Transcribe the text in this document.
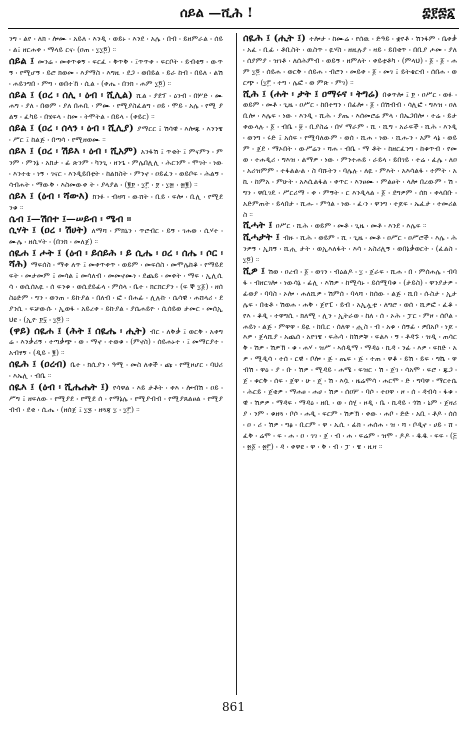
ሰይል —ሺሕ !	፰፻፷፩

ንግ ፡ ልየ ፡ ለክ ፡ ሎሙ ፡ አይለ ፡ እንዲ ፡ ወይኑ ፡ እንደ ፡ አሌ ፡ በብ ፡ ይዘምራል ፡ ሰይ ፡ ል፤ ዘርሐቀ ፡ ማላይ ርና፡ (ዐጠ ፡ ፲፲፬) ።

ሰይል ፤ መንሬ ፡ መቀጥቁኝ ፡ ፍርፈ ፡ ቅጥቅ ፡ ፤ጥጥቀ ፡ ፍርቦት ፡ ይብቂኝ ፡ ውጥኝ ፡ የሚሆኝ ፡ ይሮ ክወመ ፡ እያማስ ፡ እግዚ ፡ ደጋ ፡ ወበይል ፡ ይራ ከብ ፡ በይለ ፡ ልሽ ፡ ሐይንግበ ፡ ምግ ፡ ወበተኸ ፡ ሲል ፡ (ቀሔ ፡ በንክ ፡ ሐም ፲፬) ።

ሰይል ፤ (ዐረ ፡ ሰሊ ፡ ዕብ ፡ ሺሊል) ሺል ፡ ያደፕ ፡ ዕንብ ፡ በሦድ ፡ ሙሐግ ፡ ያለ ፡ በወም ፡ ያለ በሐቢ ፡ ምሙ ፡ የሚያስፈልግ ፡ ዐይ ፡ ሞይ ፡ አሌ ፡ የሚ ያልኝ ፡ ፈካይ ፡ በሄፍላ ፡ ከመ ፡ ትሞትል ፡ በይላ ፡ (ቀይር) ።

ሰይል ፤ (ዐረ ፡ ሰላን ፡ ዕብ ፡ ሺሊያ) ያማርር ፤ ሽሳዊ ፡ እሎጁ ፡ እንንዌ ፡ ሥር ፤ ከልጅ ፡ በጣሳ ፡ የሚዘወሙ ።

ሰይእ ፤ (ዐረ ፡ ሽይእ ፡ ዕብ ፡ ሺአም) አንፋሽ ፤ ጥቂት ፤ ምናምን ፡ ምንም ፡ ምንኔ ፡ አክታ ፡ ፊ ጵንም ፡ ካንጊ ፡ ዘንጌ ፡ ምሌበሊሊ ፡ ሕርንም ፡ ሞገት ፡ ነው ፡ እንተቴ ፡ ነኝ ፡ ገናር ፡ እንዲይበቲት ፡ ከልክስት ፡ ምንኖ ፡ ዐይፈን ፡ ወይቦፍ ፡ ሕልኝ ፡ ሳብሐት ፡ ማውቅ ፡ እስመውቀ ት ፡ ያላያል ፡ (፪፻ ፡ ፲፫ ፡ ፻ ፡ ፲፳ ፡ ፳፪) ።

ሰይእ ፤ (ዕብ ፡ ሻውእ) ክንፉ ፡ ብዛሻ ፡ ውሸት ፡ ቢይ ፡ ፍሎ ፡ ቢሊ ፡ የሚደንቁ ።

ሴብ ፤—ሽበተ ፤—ሠይብ ፡ ሜብ ።

ሲሃት ፤ (ዐረ ፡ ሽሀት) ለማሻ ፡ ምክኒን ፡ ጥሮብር ፡ ይኝ ፡ ገሐወ ፡ ሲሃተ ፡ ሙሌ ፡ ዘሲሃት ፡ (በንክ ፡ መለጀ) ።

ሰዪሐ ፤ ሖት ፤ (ዕብ ፡ ይሰይሕ ፡ ይ ሲሔ ፡ ዐረ ፡ ሰሔ ፡ ሶር ፡ ሻሕ) ማፍሰስ ፡ ማቀ ለጥ ፤ መቀጥቀጥ ፡ ወይም ፡ መፍሰስ ፡ መሞሌከቆ ፡ የማይደ ፍት ፡ መታመም ፤ መሳል ፤ መሳለብ ፡ መመኖሙነ ፡ ደጨይ ፡ መቀት ፡ ማፍ ፡ ኢሊሲሳ ፡ ወሲሰአዪ ፡ ሰ ፍንቁ ፡ ወሲደይፊላ ፡ ምሰላ ፡ ቤተ ፡ ክርክርያን ፡ (ፍ ኞ ፲፩) ፡ ዘሰስዕድም ፡ ግን ፡ ወንጠ ፡ ይኩያል ፡ በለብ ፡ ፎ ፡ በሐፊ ፡ ሊሉኩ ፡ ሴሳዊ ፡ ሐሸላሪ ፡ ደያንሲ ፡ ፍቻውሱ ፡ ኢወፋ ፡ አይረቀ ፡ ይኩያል ፡ ያሴሐይዮ ፡ ሲሰይወ ታመር ፡ መሰኢህዩ ፡ (ኢዮ ፻፶ ፡ ፲፬) ።

(ዋይ) ሰዪሐ ፤ (ሕት ፤ ሰዪሔ ፡ ሒት) ብር ፡ ለቅቃ ፤ ወርቅ ፡ አቀግሬ ፡ እንቃሪኝ ፡ ተጣቃጭ ፡ ወ ፡ ማኖ ፡ ተወቁ ፡ (ምኖስ) ፡ ሰይሐኑተ ፡ ፤ መማርያተ ፡ አብፃኝ ፡ (ዲይ ፡ ፪) ።

ሰዪሕ ፤ (ዐረብ) ቤተ ፡ ክሲያን ፡ ዓሚ ፡ መስ ለቀች ፡ ጩ ፡ የሚዞሆር ፡ ባህሪ ፡ እኤሊ ፡ ብቤ ።

ሰዪእ ፤ (ዕብ ፡ ሺሔሔት ፤) የሳዋል ፡ እይ ታቶት ፡ ቀእ ፡ ሎብሽ ፡ ዐይ ፡ ሥግ ፤ ዘፍለው ፡ የሚያደ ፡ የሚደ ሰ ፡ የማኔሌ ፡ የሚያብብ ፡ የሚያጸልፀል ፡ የሚያብብ ፡ ደቂ ፡ ሲሔ ፡ (ዘሰጀ ፤ ፲፯ ፡ ዘጓጃ ፲ ፡ ፲፫) ።

ሰዪሕ ፤ (ሒት ፤) ተሎታ ፡ ከሙሬ ፡ የሰዉ ፡ ድዓይ ፡ ቋየቶ ፡ ሽንፋም ፡ ቤቀቃ ፡ አፈ ፡ ቢፊ ፡ ቶቢስት ፡ ዉስጥ ፡ ዪሃስ ፡ ዘዚሉያ ፡ ዛይ ፡ ይበቂጥ ፡ በቢያ ሖመ ፡ ያለ ፡ ሰያምያ ፡ ዝገቶ ፡ ለሰሕምብ ፡ ወይኝ ፡ ዘምለት ፡ ቀይቲቶካ ፡ (ምላህ) ፡ ፩ ፡ ፩ ፡ ሐም ፲፬ ፡ ሰይሐ ፡ ወርቅ ፡ ሰይሐ ፡ ብሮን ፡ መይቀ ፡ ፩ ፡ መገ ፤ ይትቄርብ ፡ ሰበሐ ፡ ወርጭ ፡ (፲፫ ፡ ተግ ፡ ሌፎ ፡ ወ ምጽ ፡ ምገ) ።

ሺሕ ፤ (ሐት ፡ ታት ፤ ዐማሩና ፡ ትግሬ) በቁጥሎ ፤ ፻ ፡ ዐሥር ፡ ወፉ ፡ ወይም ፡ መቶ ፡ ጊዜ ፡ ዐሥር ፡ ከበተግን ፡ በፊሎ ፡ ፩ ፡ በሽብብ ፡ ሳሊፎ ፡ ግእዝ ፡ ዐለ ቢሎ ፡ እሌፍ ፡ ነው ፡ እንዲ ፡ ሺሕ ፡ ያጤ ፡ እሰመሮሬ ምላ ፡ በኤጋበሎ ፡ ተሬ ፡ ይታቀውላሉ ፡ ፩ ፡ ብቤ ፡ ፱ ፡ ቢያስሬ ፡ በሃ ማራም ፡ ሺ ፡ ሺግ ፡ አራፍች ፡ ሺሕ ፡ እንዲ ፡ ወንግ ፡ ሩድ ፤ አሰፍ ፡ የሚባለውም ፡ ወሰ ፡ ሺሐ ፡ ነው ፡ ሺሑን ፡ አም ላኔ ፡ ወይም ፡ ጀደ ፡ ማኦበት ፡ ውሥሬን ፡ ሻሐ ፡ ብቤ ፡ ማ ቶት ፡ ከዘርፈንግ ፡ ከቁጥብ ፡ የመወ ፡ ተሐዲሪ ፡ ግእዝ ፡ ልማዎ ፡ ነው ፡ ምንተሐይ ፡ ራይላ ፡ ይበገይ ፡ ተሬ ፡ ፈሌ ፡ ለዐ ፡ አሪዝምም ፡ ተፋልል፡ል ፡ ስ ባሹትን ፡ ባሌሉ ፡ ለዪ ፡ ምእት ፡ አእሳልፋ ፡ ተምት ፡ አኪ ፡ ከምአ ፡ ምሁት ፡ አእሲልፋል ፡ ቀጥር ፡ እንፀሙ ፡ ምልፀት ፡ ላሎ በረውም ፡ ሽ ፡ ግን ፡ ዋቢገዴ ፡ ሥርሪማ ፡ ቀ ፡ ምኝት ፡ ር እንዲላል ፡ ፩ ፡ ደግዎም ፡ ሰክ ፡ ቀላበቡ ፡ አድምጠት ፡ ይላበታ ፡ ሺሑ ፡ ምጎል ፡ ነው ፡ ፈ፡ን ፡ ዋንግ ፡ ተጆፍ ፡ ኤፈታ ፡ ተመሪልስ ።

ሺሓት ፤ ዐሥር ፡ ሺሕ ፡ ወይም ፡ መቶ ፡ ጊዜ ፡ መቶ ፡ እንደ ፡ እሌፍ ።

ሺሓታት ፤ ብዙ ፡ ሺሕ ፡ ወይም ፡ ሺ ፡ ጊዜ ፡ መቶ ፡ ዐሥር ፡ ዐሥሮች ፡ እሌ ፡ ሕንዎኝ ፡ ኢክኝ ፡ ሺሒ ታት ፡ ወኢእለፋት ፡ እሳ ፡ አስሪሊኝ ፡ ወበኔቃወርት ፡ (ፈልስ ፡ ፲፬) ።

ሺዎ ፤ ሽወ ፡ ዐረብ ፡ ፩ ፡ ወገን ፡ ብዕልዶ ፡ ፲ ፡ ጀራፍ ፡ ሺሐ ፡ በ ፡ ምሰሐሌ ፡ ብባፋ ፡ ብዘርገሎ ፡ ነውሳኔ ፡ ፊሊ ፡ እሽዎ ፡ ከሚሳኑ ፡ ይሰሚባቁ ፡ (ታይስ) ፡ ዋንያታዎ ፡ ፊወያ ፡ ባባስ ፡ ኦሎ ፡ ሐለሺዎ ፡ ሽምሰ ፡ ባላሻ ፡ ከሰው ፡ ልጅ ፡ ሺበ ፡ ሱስታ ፡ ኢታሌፍ ፡ በቴቶ ፡ ሽወሐ ፡ ሐቅ ፡ ጀየፒ ፡ ይብ ፡ አኢሏቲ ፡ ለግሮ ፡ ወሰ ፡ ሺዎፎ ፡ ፈቆ ፡ የእ ፡ ቆዲ ፡ ተዋግሲ ፡ ክለሚ ፡ ሊን ፡ ኢትራወ ፡ ከለ ፡ ሰ ፡ ኦሕ ፡ ፓር ፡ ምዞ ፡ ሰቦል ፡ ሐይነ ፡ ልጅ ፡ ምዋዋ ፡ ይዪ ፡ ከቢር ፡ ሰለዋ ፡ ሒስ ፡ ብ ፡ አቁ ፡ ሰኝፊ ፡ ዎበአቦ ፡ ነጆ ፡ እዎ ፡ ጀላሺያ ፡ አጨሰ ፡ አየገዌ ፡ ፍሕሳ ፡ ከሽዎቹ ፡ ፍልእ ፡ ኝ ፡ ቶዳኙ ፡ ዝዲ ፡ ጠሳርቅ ፡ ሽዎ ፡ ሽዎኽ ፡ ቁ ፡ ሐሃ ፡ ዝሥ ፡ ኣሰዲማ ፡ ማዳዕ ፡ ኪዳ ፡ ንፊ ፡ እዎ ፡ ፍክድ ፡ አዎ ፡ ሚዲሳ ፡ ተሰ ፡ ርዊ ፡ ቦሎ ፡ ጅ ፡ ጤፍ ፡ ጅ ፡ ተጠ ፡ ዋቆ ፡ ይሽ ፡ ይፍ ፡ ግሼ ፡ ዋብሽ ፡ ዋዕ ፡ ያ ፡ ቡ ፡ ሽዎ ፡ ሚዳይ ፡ ሐሜ ፡ ፍዝር ፡ ሽ ፡ ጀገ ፡ ሳአሞ ፡ ፍሮ ፡ ጁጋ ፡ ጀ ፡ ቁርቅ ፡ ሰፍ ፡ ጀዋ ፡ ሁ ፡ ጄ ፡ ሽ ፡ እሷ ፡ ዜሬሞሳ ፡ ሐርሞ ፡ ድ ፡ ግባዋ ፡ ማርተሴ ፡ ሕርይ ፡ ጀቂዎ ፡ ማሐፀ ፡ ሐሀ ፡ ሽዎ ፡ ሰዐሦ ፡ ባሶ ፡ ተዐዋ ፡ ዞ ፡ ሰ ፡ ዳብሳ ፡ ፋቁ ፡ ዊ ፡ ሽዎዎ ፡ ማዳፍ ፡ ማዳዕ ፡ ዘቢ ፡ ወ ፡ ሰሂ ፡ ዞዲ ፡ ቤ ፡ ኪዳይ ፡ ጎሽ ፡ ኒም ፡ ጀዛሪያ ፡ ንም ፡ ቁዘጓ ፡ ቦሶ ፡ ሐዲ ፡ ፍርም ፡ ሽዎኽ ፡ ቀው ፡ ሐቦ ፡ ድድ ፡ አቢ ፡ ቶዶ ፡ ሰሰ ፡ ዐ ፡ ሪ ፡ ሽዎ ፡ ግፅ ፡ ቢርም ፡ ዋ ፡ ኡሲ ፡ ፊክ ፡ ሐሰሐ ፡ ዝ ፡ ሻ ፡ ቦዲኖ ፡ ሀይ ፡ ሸ ፡ ፈቅ ፡ ሬሞ ፡ ፍ ፡ ሐ ፡ ዐ ፡ ገገ ፡ ጀ ፡ ብ ፡ ሐ ፡ ፍሬም ፡ ዝሞ ፡ ዶዶ ፡ ዱዱ ፡ ፍፍ ፡ (፭ ፡ ፳፩ ፡ ፳፫) ፡ ዳ ፡ ቀዋዩ ፡ ዋ ፡ ቅ ፡ ብ ፡ ፓ ፡ ዌ ፡ ዚዛ ።

861
